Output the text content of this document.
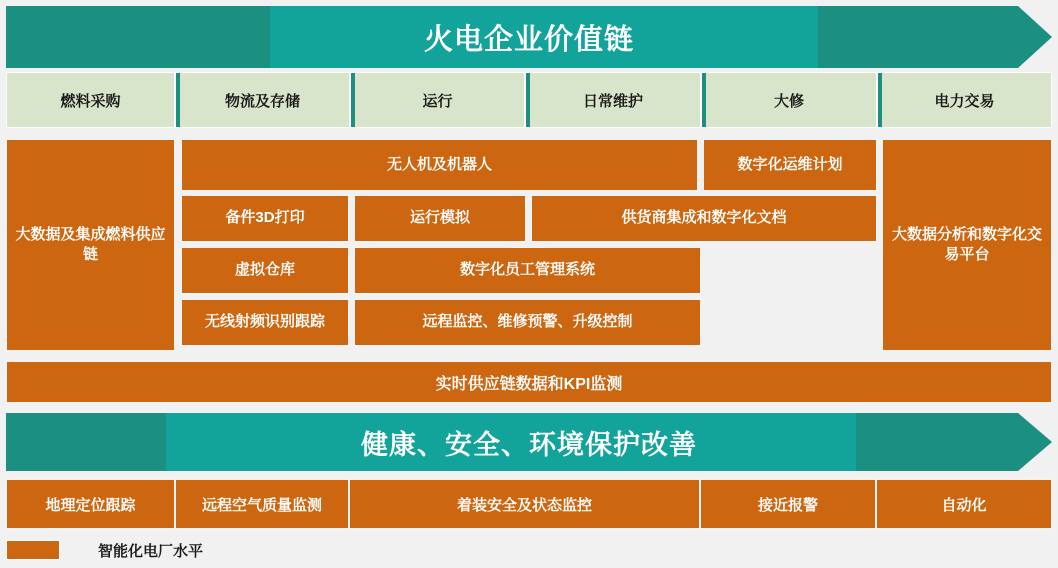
火电企业价值链
燃料采购	物流及存储	运行	日常维护	大修	电力交易
大数据及集成燃料供应链
无人机及机器人	数字化运维计划
大数据分析和数字化交易平台
备件3D打印	运行模拟	供货商集成和数字化文档
虚拟仓库	数字化员工管理系统
无线射频识别跟踪	远程监控、维修预警、升级控制
实时供应链数据和KPI监测
健康、安全、环境保护改善
地理定位跟踪	远程空气质量监测	着装安全及状态监控	接近报警	自动化
智能化电厂水平
